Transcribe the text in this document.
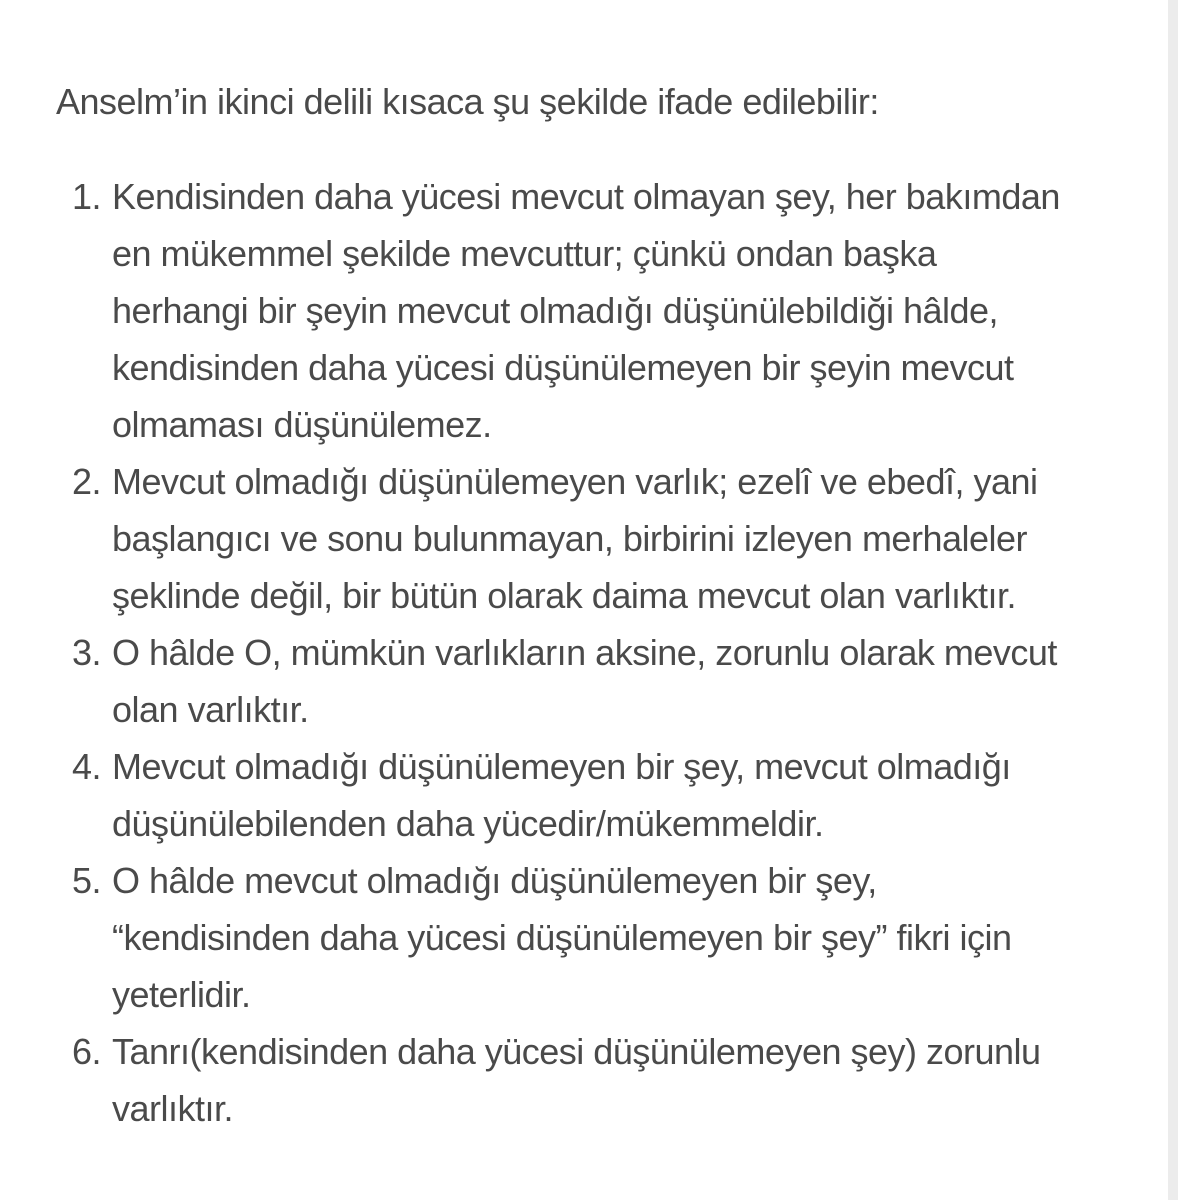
Anselm’in ikinci delili kısaca şu şekilde ifade edilebilir:

1. Kendisinden daha yücesi mevcut olmayan şey, her bakımdan
en mükemmel şekilde mevcuttur; çünkü ondan başka
herhangi bir şeyin mevcut olmadığı düşünülebildiği hâlde,
kendisinden daha yücesi düşünülemeyen bir şeyin mevcut
olmaması düşünülemez.
2. Mevcut olmadığı düşünülemeyen varlık; ezelî ve ebedî, yani
başlangıcı ve sonu bulunmayan, birbirini izleyen merhaleler
şeklinde değil, bir bütün olarak daima mevcut olan varlıktır.
3. O hâlde O, mümkün varlıkların aksine, zorunlu olarak mevcut
olan varlıktır.
4. Mevcut olmadığı düşünülemeyen bir şey, mevcut olmadığı
düşünülebilenden daha yücedir/mükemmeldir.
5. O hâlde mevcut olmadığı düşünülemeyen bir şey,
“kendisinden daha yücesi düşünülemeyen bir şey” fikri için
yeterlidir.
6. Tanrı(kendisinden daha yücesi düşünülemeyen şey) zorunlu
varlıktır.
